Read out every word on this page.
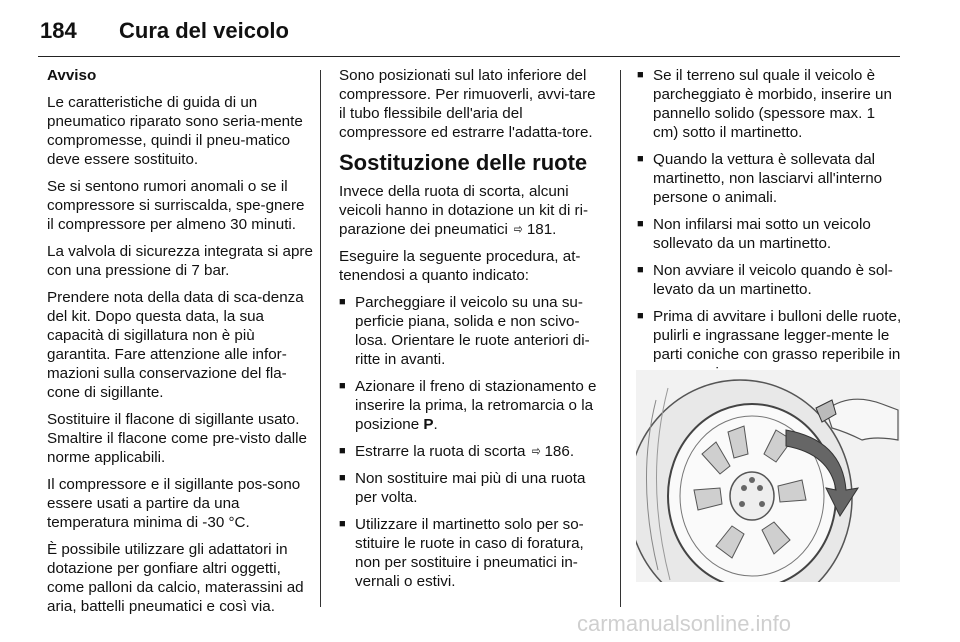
184 Cura del veicolo

Avviso

Le caratteristiche di guida di un pneumatico riparato sono seria-mente compromesse, quindi il pneu-matico deve essere sostituito.

Se si sentono rumori anomali o se il compressore si surriscalda, spe-gnere il compressore per almeno 30 minuti.

La valvola di sicurezza integrata si apre con una pressione di 7 bar.

Prendere nota della data di sca-denza del kit. Dopo questa data, la sua capacità di sigillatura non è più garantita. Fare attenzione alle infor-mazioni sulla conservazione del fla-cone di sigillante.

Sostituire il flacone di sigillante usato. Smaltire il flacone come pre-visto dalle norme applicabili.

Il compressore e il sigillante pos-sono essere usati a partire da una temperatura minima di -30 °C.

È possibile utilizzare gli adattatori in dotazione per gonfiare altri oggetti, come palloni da calcio, materassini ad aria, battelli pneumatici e così via.

Sono posizionati sul lato inferiore del compressore. Per rimuoverli, avvi-tare il tubo flessibile dell'aria del compressore ed estrarre l'adatta-tore.

Sostituzione delle ruote

Invece della ruota di scorta, alcuni veicoli hanno in dotazione un kit di ri-parazione dei pneumatici ⇨ 181.

Eseguire la seguente procedura, at-tenendosi a quanto indicato:

■ Parcheggiare il veicolo su una su-perficie piana, solida e non scivo-losa. Orientare le ruote anteriori di-ritte in avanti.
■ Azionare il freno di stazionamento e inserire la prima, la retromarcia o la posizione P.
■ Estrarre la ruota di scorta ⇨ 186.
■ Non sostituire mai più di una ruota per volta.
■ Utilizzare il martinetto solo per so-stituire le ruote in caso di foratura, non per sostituire i pneumatici in-vernali o estivi.
■ Se il terreno sul quale il veicolo è parcheggiato è morbido, inserire un pannello solido (spessore max. 1 cm) sotto il martinetto.
■ Quando la vettura è sollevata dal martinetto, non lasciarvi all'interno persone o animali.
■ Non infilarsi mai sotto un veicolo sollevato da un martinetto.
■ Non avviare il veicolo quando è sol-levato da un martinetto.
■ Prima di avvitare i bulloni delle ruote, pulirli e ingrassane legger-mente le parti coniche con grasso reperibile in
carmanualsonline.info
